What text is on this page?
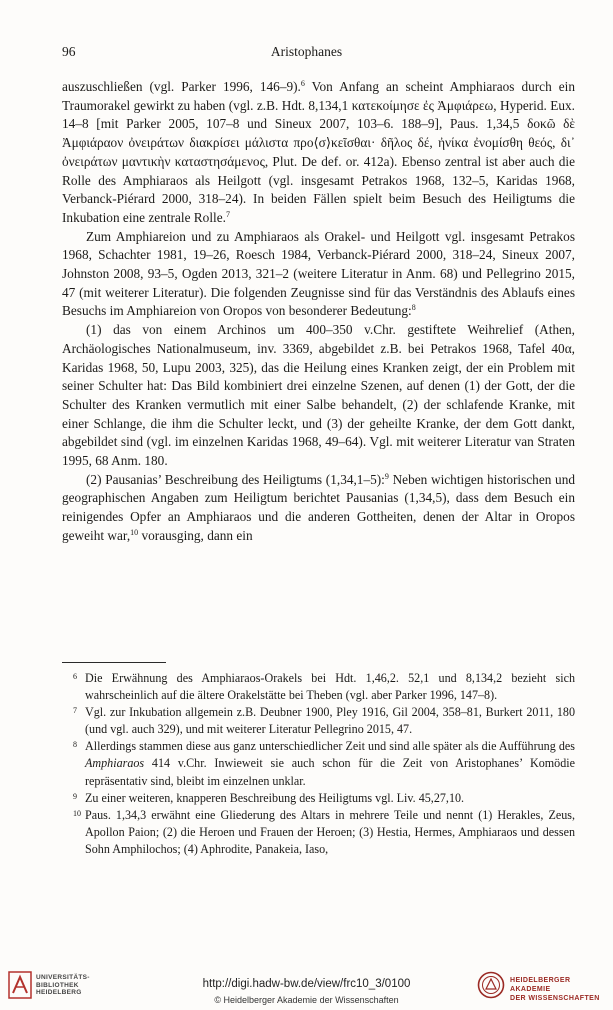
96	Aristophanes

auszuschließen (vgl. Parker 1996, 146–9).$^6$ Von Anfang an scheint Amphiaraos durch ein Traumorakel gewirkt zu haben (vgl. z.B. Hdt. 8,134,1 κατεκοίμησε ἐς Ἀμφιάρεω, Hyperid. Eux. 14–8 [mit Parker 2005, 107–8 und Sineux 2007, 103–6. 188–9], Paus. 1,34,5 δοκῶ δὲ Ἀμφιάραον ὀνειράτων διακρίσει μάλιστα προ⟨σ⟩κεῖσθαι· δῆλος δέ, ἠνίκα ἐνομίσθη θεός, δι᾽ ὀνειράτων μαντικὴν καταστησάμενος, Plut. De def. or. 412a). Ebenso zentral ist aber auch die Rolle des Amphiaraos als Heilgott (vgl. insgesamt Petrakos 1968, 132–5, Karidas 1968, Verbanck-Piérard 2000, 318–24). In beiden Fällen spielt beim Besuch des Heiligtums die Inkubation eine zentrale Rolle.$^7$

Zum Amphiareion und zu Amphiaraos als Orakel- und Heilgott vgl. insgesamt Petrakos 1968, Schachter 1981, 19–26, Roesch 1984, Verbanck-Piérard 2000, 318–24, Sineux 2007, Johnston 2008, 93–5, Ogden 2013, 321–2 (weitere Literatur in Anm. 68) und Pellegrino 2015, 47 (mit weiterer Literatur). Die folgenden Zeugnisse sind für das Verständnis des Ablaufs eines Besuchs im Amphiareion von Oropos von besonderer Bedeutung:$^8$

(1) das von einem Archinos um 400–350 v.Chr. gestiftete Weihrelief (Athen, Archäologisches Nationalmuseum, inv. 3369, abgebildet z.B. bei Petrakos 1968, Tafel 40α, Karidas 1968, 50, Lupu 2003, 325), das die Heilung eines Kranken zeigt, der ein Problem mit seiner Schulter hat: Das Bild kombiniert drei einzelne Szenen, auf denen (1) der Gott, der die Schulter des Kranken vermutlich mit einer Salbe behandelt, (2) der schlafende Kranke, mit einer Schlange, die ihm die Schulter leckt, und (3) der geheilte Kranke, der dem Gott dankt, abgebildet sind (vgl. im einzelnen Karidas 1968, 49–64). Vgl. mit weiterer Literatur van Straten 1995, 68 Anm. 180.

(2) Pausanias’ Beschreibung des Heiligtums (1,34,1–5):$^9$ Neben wichtigen historischen und geographischen Angaben zum Heiligtum berichtet Pausanias (1,34,5), dass dem Besuch ein reinigendes Opfer an Amphiaraos und die anderen Gottheiten, denen der Altar in Oropos geweiht war,$^{10}$ vorausging, dann ein

6 Die Erwähnung des Amphiaraos-Orakels bei Hdt. 1,46,2. 52,1 und 8,134,2 bezieht sich wahrscheinlich auf die ältere Orakelstätte bei Theben (vgl. aber Parker 1996, 147–8).
7 Vgl. zur Inkubation allgemein z.B. Deubner 1900, Pley 1916, Gil 2004, 358–81, Burkert 2011, 180 (und vgl. auch 329), und mit weiterer Literatur Pellegrino 2015, 47.
8 Allerdings stammen diese aus ganz unterschiedlicher Zeit und sind alle später als die Aufführung des Amphiaraos 414 v.Chr. Inwieweit sie auch schon für die Zeit von Aristophanes’ Komödie repräsentativ sind, bleibt im einzelnen unklar.
9 Zu einer weiteren, knapperen Beschreibung des Heiligtums vgl. Liv. 45,27,10.
10 Paus. 1,34,3 erwähnt eine Gliederung des Altars in mehrere Teile und nennt (1) Herakles, Zeus, Apollon Paion; (2) die Heroen und Frauen der Heroen; (3) Hestia, Hermes, Amphiaraos und dessen Sohn Amphilochos; (4) Aphrodite, Panakeia, Iaso,
UNIVERSITÄTS-
BIBLIOTHEK
HEIDELBERG
http://digi.hadw-bw.de/view/frc10_3/0100
© Heidelberger Akademie der Wissenschaften
HEIDELBERGER AKADEMIE
DER WISSENSCHAFTEN
